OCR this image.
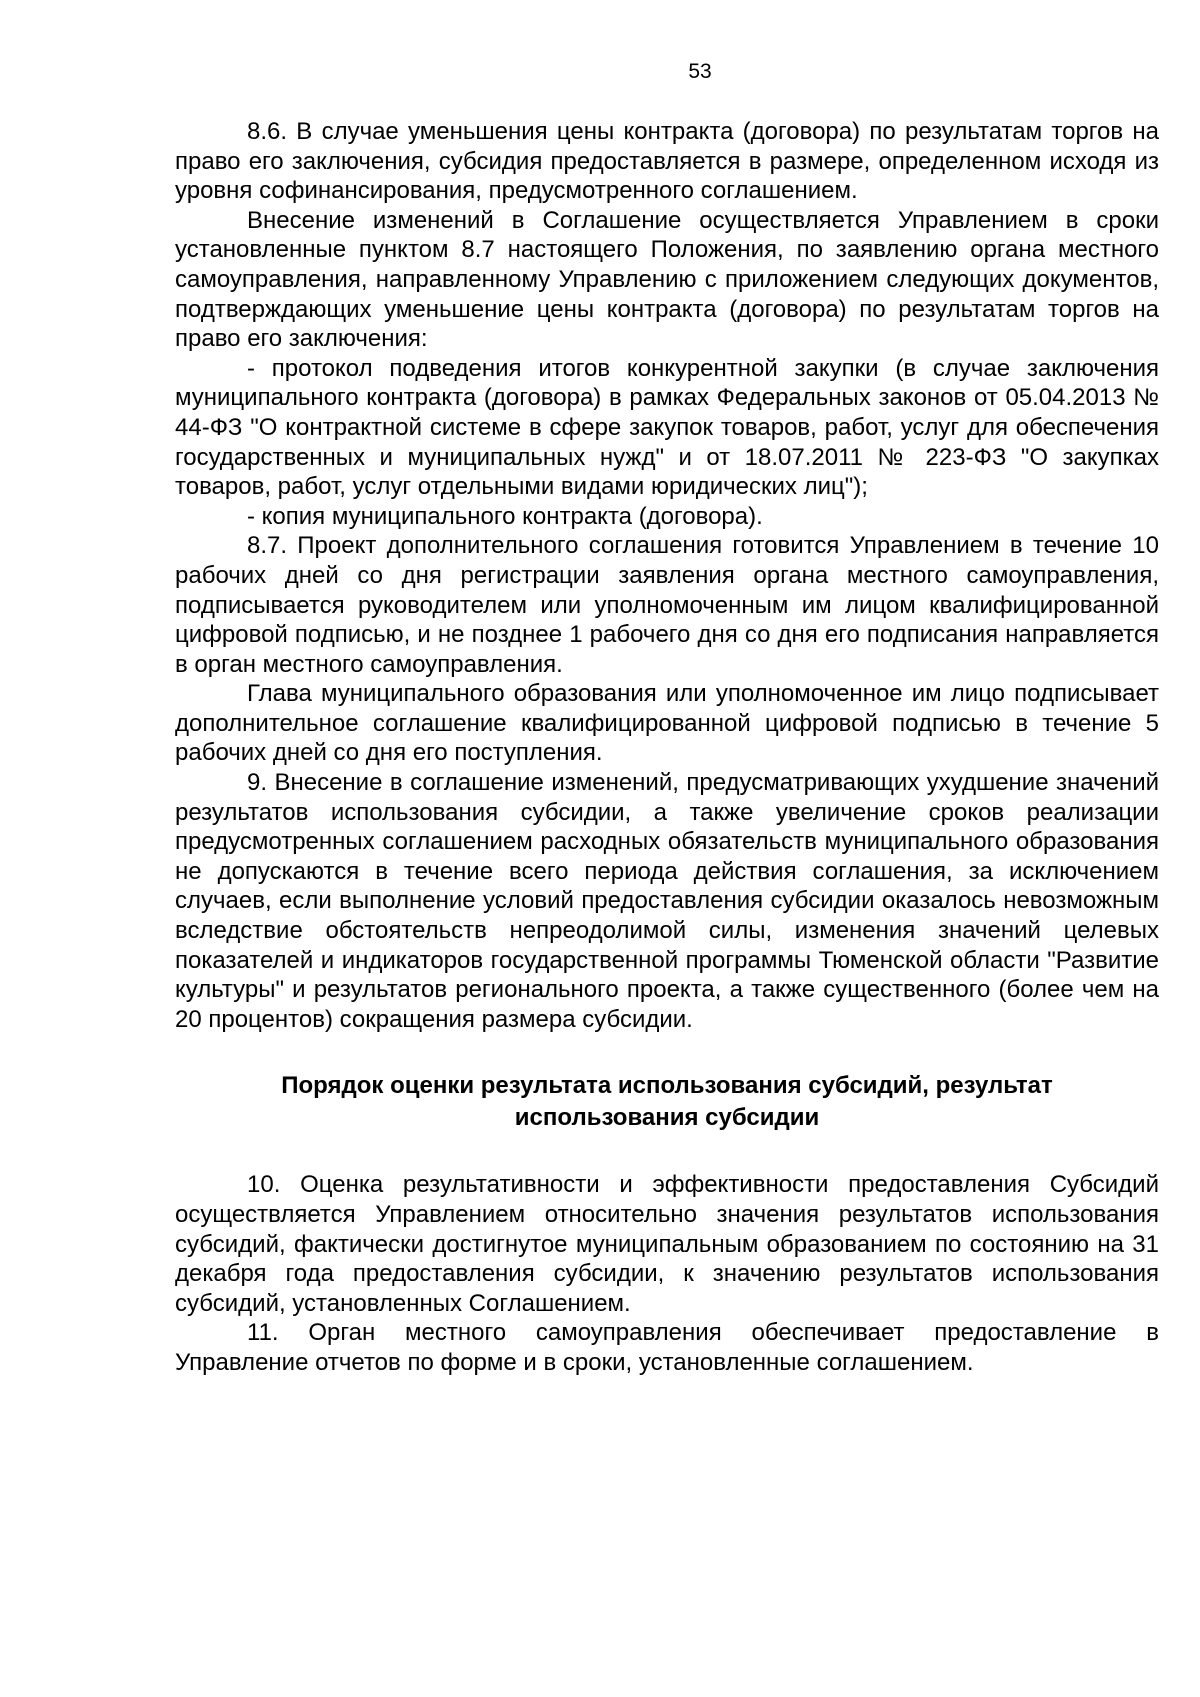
53

8.6. В случае уменьшения цены контракта (договора) по результатам торгов на право его заключения, субсидия предоставляется в размере, определенном исходя из уровня софинансирования, предусмотренного соглашением.

Внесение изменений в Соглашение осуществляется Управлением в сроки установленные пунктом 8.7 настоящего Положения, по заявлению органа местного самоуправления, направленному Управлению с приложением следующих документов, подтверждающих уменьшение цены контракта (договора) по результатам торгов на право его заключения:

- протокол подведения итогов конкурентной закупки (в случае заключения муниципального контракта (договора) в рамках Федеральных законов от 05.04.2013 № 44-ФЗ "О контрактной системе в сфере закупок товаров, работ, услуг для обеспечения государственных и муниципальных нужд" и от 18.07.2011 № 223-ФЗ "О закупках товаров, работ, услуг отдельными видами юридических лиц");

- копия муниципального контракта (договора).

8.7. Проект дополнительного соглашения готовится Управлением в течение 10 рабочих дней со дня регистрации заявления органа местного самоуправления, подписывается руководителем или уполномоченным им лицом квалифицированной цифровой подписью, и не позднее 1 рабочего дня со дня его подписания направляется в орган местного самоуправления.

Глава муниципального образования или уполномоченное им лицо подписывает дополнительное соглашение квалифицированной цифровой подписью в течение 5 рабочих дней со дня его поступления.

9. Внесение в соглашение изменений, предусматривающих ухудшение значений результатов использования субсидии, а также увеличение сроков реализации предусмотренных соглашением расходных обязательств муниципального образования не допускаются в течение всего периода действия соглашения, за исключением случаев, если выполнение условий предоставления субсидии оказалось невозможным вследствие обстоятельств непреодолимой силы, изменения значений целевых показателей и индикаторов государственной программы Тюменской области "Развитие культуры" и результатов регионального проекта, а также существенного (более чем на 20 процентов) сокращения размера субсидии.

Порядок оценки результата использования субсидий, результат
использования субсидии

10. Оценка результативности и эффективности предоставления Субсидий осуществляется Управлением относительно значения результатов использования субсидий, фактически достигнутое муниципальным образованием по состоянию на 31 декабря года предоставления субсидии, к значению результатов использования субсидий, установленных Соглашением.

11. Орган местного самоуправления обеспечивает предоставление в Управление отчетов по форме и в сроки, установленные соглашением.
